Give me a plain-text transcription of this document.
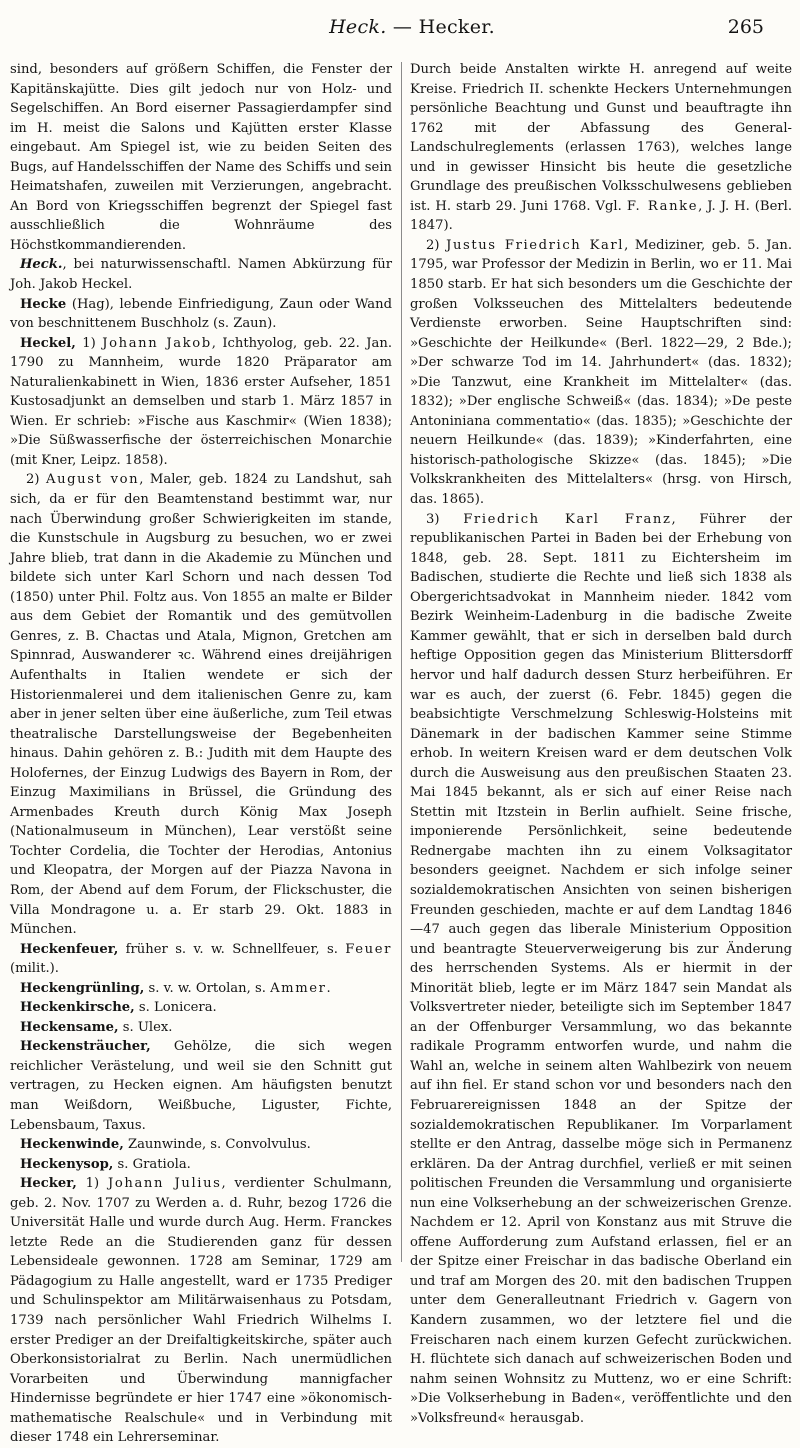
Heck. — Hecker.	265

sind, besonders auf größern Schiffen, die Fenster der Kapitänskajütte. Dies gilt jedoch nur von Holz- und Segelschiffen. An Bord eiserner Passagierdampfer sind im H. meist die Salons und Kajütten erster Klasse eingebaut. Am Spiegel ist, wie zu beiden Seiten des Bugs, auf Handelsschiffen der Name des Schiffs und sein Heimatshafen, zuweilen mit Verzierungen, angebracht. An Bord von Kriegsschiffen begrenzt der Spiegel fast ausschließlich die Wohnräume des Höchstkommandierenden.

Heck., bei naturwissenschaftl. Namen Abkürzung für Joh. Jakob Heckel.

Hecke (Hag), lebende Einfriedigung, Zaun oder Wand von beschnittenem Buschholz (s. Zaun).

Heckel, 1) Johann Jakob, Ichthyolog, geb. 22. Jan. 1790 zu Mannheim, wurde 1820 Präparator am Naturalienkabinett in Wien, 1836 erster Aufseher, 1851 Kustosadjunkt an demselben und starb 1. März 1857 in Wien. Er schrieb: »Fische aus Kaschmir« (Wien 1838); »Die Süßwasserfische der österreichischen Monarchie (mit Kner, Leipz. 1858).

2) August von, Maler, geb. 1824 zu Landshut, sah sich, da er für den Beamtenstand bestimmt war, nur nach Überwindung großer Schwierigkeiten im stande, die Kunstschule in Augsburg zu besuchen, wo er zwei Jahre blieb, trat dann in die Akademie zu München und bildete sich unter Karl Schorn und nach dessen Tod (1850) unter Phil. Foltz aus. Von 1855 an malte er Bilder aus dem Gebiet der Romantik und des gemütvollen Genres, z. B. Chactas und Atala, Mignon, Gretchen am Spinnrad, Auswanderer ꝛc. Während eines dreijährigen Aufenthalts in Italien wendete er sich der Historienmalerei und dem italienischen Genre zu, kam aber in jener selten über eine äußerliche, zum Teil etwas theatralische Darstellungsweise der Begebenheiten hinaus. Dahin gehören z. B.: Judith mit dem Haupte des Holofernes, der Einzug Ludwigs des Bayern in Rom, der Einzug Maximilians in Brüssel, die Gründung des Armenbades Kreuth durch König Max Joseph (Nationalmuseum in München), Lear verstößt seine Tochter Cordelia, die Tochter der Herodias, Antonius und Kleopatra, der Morgen auf der Piazza Navona in Rom, der Abend auf dem Forum, der Flickschuster, die Villa Mondragone u. a. Er starb 29. Okt. 1883 in München.

Heckenfeuer, früher s. v. w. Schnellfeuer, s. Feuer (milit.).

Heckengrünling, s. v. w. Ortolan, s. Ammer.

Heckenkirsche, s. Lonicera.

Heckensame, s. Ulex.

Heckensträucher, Gehölze, die sich wegen reichlicher Verästelung, und weil sie den Schnitt gut vertragen, zu Hecken eignen. Am häufigsten benutzt man Weißdorn, Weißbuche, Liguster, Fichte, Lebensbaum, Taxus.

Heckenwinde, Zaunwinde, s. Convolvulus.

Heckenysop, s. Gratiola.

Hecker, 1) Johann Julius, verdienter Schulmann, geb. 2. Nov. 1707 zu Werden a. d. Ruhr, bezog 1726 die Universität Halle und wurde durch Aug. Herm. Franckes letzte Rede an die Studierenden ganz für dessen Lebensideale gewonnen. 1728 am Seminar, 1729 am Pädagogium zu Halle angestellt, ward er 1735 Prediger und Schulinspektor am Militärwaisenhaus zu Potsdam, 1739 nach persönlicher Wahl Friedrich Wilhelms I. erster Prediger an der Dreifaltigkeitskirche, später auch Oberkonsistorialrat zu Berlin. Nach unermüdlichen Vorarbeiten und Überwindung mannigfacher Hindernisse begründete er hier 1747 eine »ökonomisch-mathematische Realschule« und in Verbindung mit dieser 1748 ein Lehrerseminar.

Durch beide Anstalten wirkte H. anregend auf weite Kreise. Friedrich II. schenkte Heckers Unternehmungen persönliche Beachtung und Gunst und beauftragte ihn 1762 mit der Abfassung des General-Landschulreglements (erlassen 1763), welches lange und in gewisser Hinsicht bis heute die gesetzliche Grundlage des preußischen Volksschulwesens geblieben ist. H. starb 29. Juni 1768. Vgl. F. Ranke, J. J. H. (Berl. 1847).

2) Justus Friedrich Karl, Mediziner, geb. 5. Jan. 1795, war Professor der Medizin in Berlin, wo er 11. Mai 1850 starb. Er hat sich besonders um die Geschichte der großen Volksseuchen des Mittelalters bedeutende Verdienste erworben. Seine Hauptschriften sind: »Geschichte der Heilkunde« (Berl. 1822—29, 2 Bde.); »Der schwarze Tod im 14. Jahrhundert« (das. 1832); »Die Tanzwut, eine Krankheit im Mittelalter« (das. 1832); »Der englische Schweiß« (das. 1834); »De peste Antoniniana commentatio« (das. 1835); »Geschichte der neuern Heilkunde« (das. 1839); »Kinderfahrten, eine historisch-pathologische Skizze« (das. 1845); »Die Volkskrankheiten des Mittelalters« (hrsg. von Hirsch, das. 1865).

3) Friedrich Karl Franz, Führer der republikanischen Partei in Baden bei der Erhebung von 1848, geb. 28. Sept. 1811 zu Eichtersheim im Badischen, studierte die Rechte und ließ sich 1838 als Obergerichtsadvokat in Mannheim nieder. 1842 vom Bezirk Weinheim-Ladenburg in die badische Zweite Kammer gewählt, that er sich in derselben bald durch heftige Opposition gegen das Ministerium Blittersdorff hervor und half dadurch dessen Sturz herbeiführen. Er war es auch, der zuerst (6. Febr. 1845) gegen die beabsichtigte Verschmelzung Schleswig-Holsteins mit Dänemark in der badischen Kammer seine Stimme erhob. In weitern Kreisen ward er dem deutschen Volk durch die Ausweisung aus den preußischen Staaten 23. Mai 1845 bekannt, als er sich auf einer Reise nach Stettin mit Itzstein in Berlin aufhielt. Seine frische, imponierende Persönlichkeit, seine bedeutende Rednergabe machten ihn zu einem Volksagitator besonders geeignet. Nachdem er sich infolge seiner sozialdemokratischen Ansichten von seinen bisherigen Freunden geschieden, machte er auf dem Landtag 1846—47 auch gegen das liberale Ministerium Opposition und beantragte Steuerverweigerung bis zur Änderung des herrschenden Systems. Als er hiermit in der Minorität blieb, legte er im März 1847 sein Mandat als Volksvertreter nieder, beteiligte sich im September 1847 an der Offenburger Versammlung, wo das bekannte radikale Programm entworfen wurde, und nahm die Wahl an, welche in seinem alten Wahlbezirk von neuem auf ihn fiel. Er stand schon vor und besonders nach den Februarereignissen 1848 an der Spitze der sozialdemokratischen Republikaner. Im Vorparlament stellte er den Antrag, dasselbe möge sich in Permanenz erklären. Da der Antrag durchfiel, verließ er mit seinen politischen Freunden die Versammlung und organisierte nun eine Volkserhebung an der schweizerischen Grenze. Nachdem er 12. April von Konstanz aus mit Struve die offene Aufforderung zum Aufstand erlassen, fiel er an der Spitze einer Freischar in das badische Oberland ein und traf am Morgen des 20. mit den badischen Truppen unter dem Generalleutnant Friedrich v. Gagern von Kandern zusammen, wo der letztere fiel und die Freischaren nach einem kurzen Gefecht zurückwichen. H. flüchtete sich danach auf schweizerischen Boden und nahm seinen Wohnsitz zu Muttenz, wo er eine Schrift: »Die Volkserhebung in Baden«, veröffentlichte und den »Volksfreund« herausgab.
